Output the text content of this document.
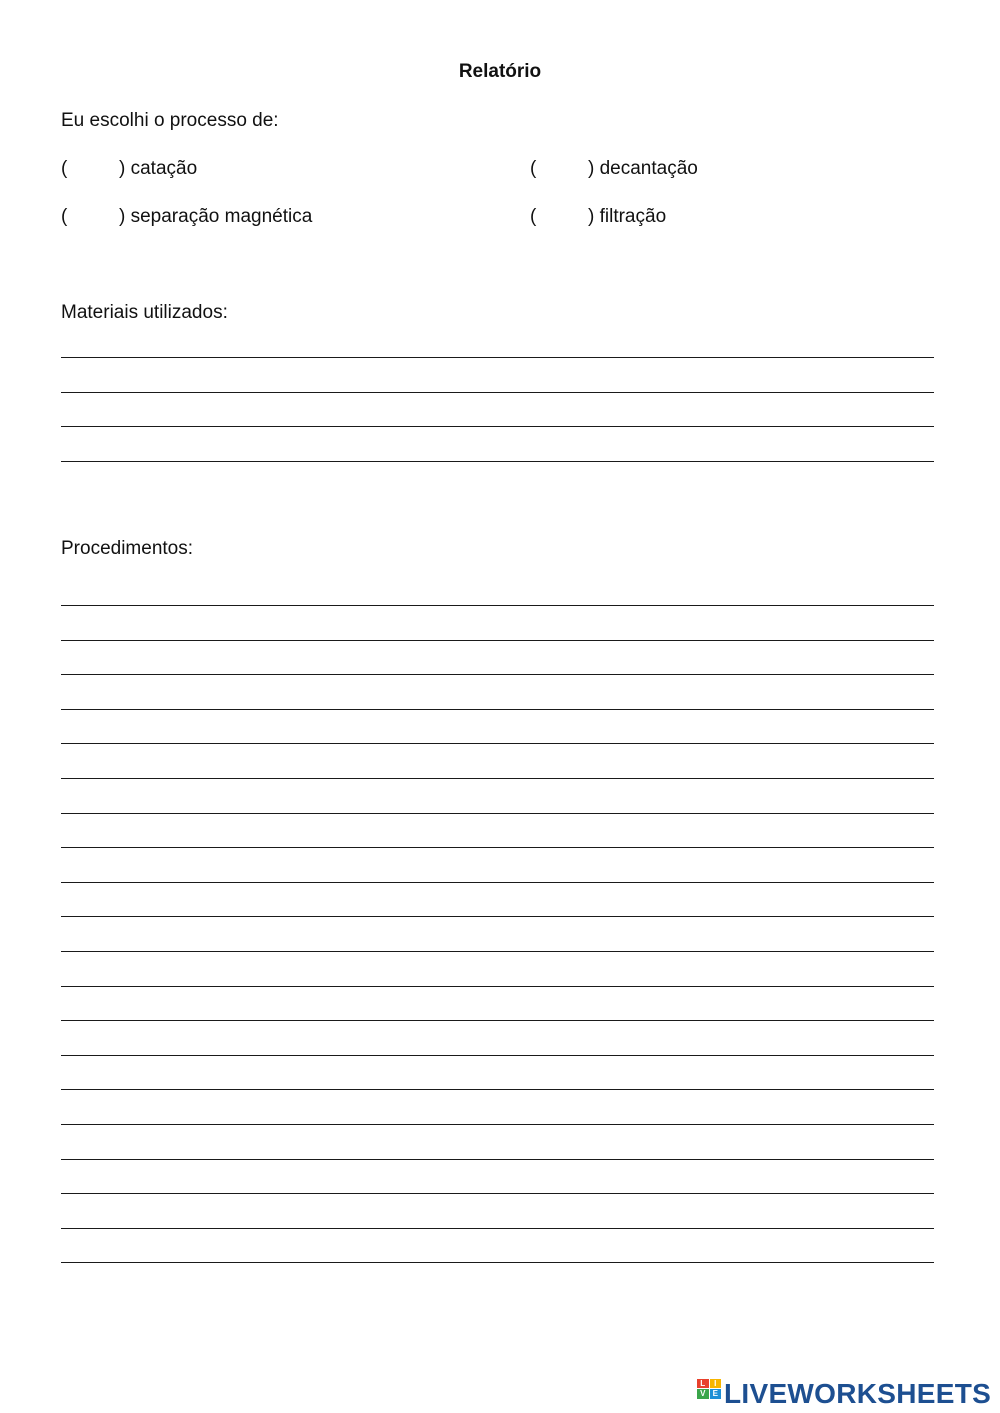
Relatório
Eu escolhi o processo de:
(	) catação	(	) decantação
(	) separação magnética	(	) filtração
Materiais utilizados:
Procedimentos:
L	I
V E LIVEWORKSHEETS
